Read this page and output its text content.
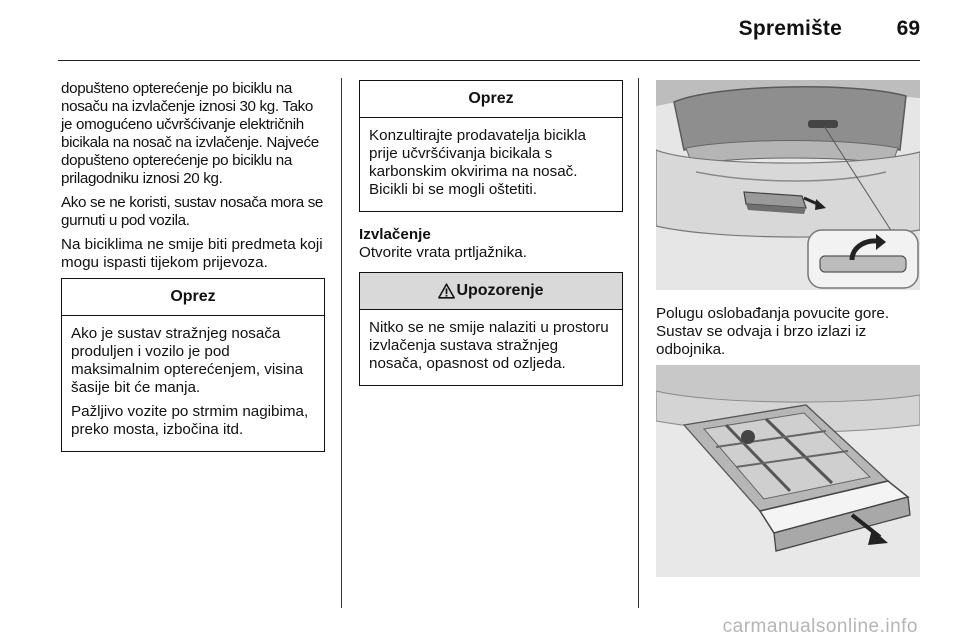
Spremište	69

dopušteno opterećenje po biciklu na nosaču na izvlačenje iznosi 30 kg. Tako je omogućeno učvršćivanje električnih bicikala na nosač na izvlačenje. Najveće dopušteno opterećenje po biciklu na prilagodniku iznosi 20 kg.

Ako se ne koristi, sustav nosača mora se gurnuti u pod vozila.

Na biciklima ne smije biti predmeta koji mogu ispasti tijekom prijevoza.

Oprez

Ako je sustav stražnjeg nosača produljen i vozilo je pod maksimalnim opterećenjem, visina šasije bit će manja.

Pažljivo vozite po strmim nagibima, preko mosta, izbočina itd.

Oprez

Konzultirajte prodavatelja bicikla prije učvršćivanja bicikala s karbonskim okvirima na nosač. Bicikli bi se mogli oštetiti.

Izvlačenje

Otvorite vrata prtljažnika.

Upozorenje

Nitko se ne smije nalaziti u prostoru izvlačenja sustava stražnjeg nosača, opasnost od ozljeda.

Polugu oslobađanja povucite gore. Sustav se odvaja i brzo izlazi iz odbojnika.

carmanualsonline.info
